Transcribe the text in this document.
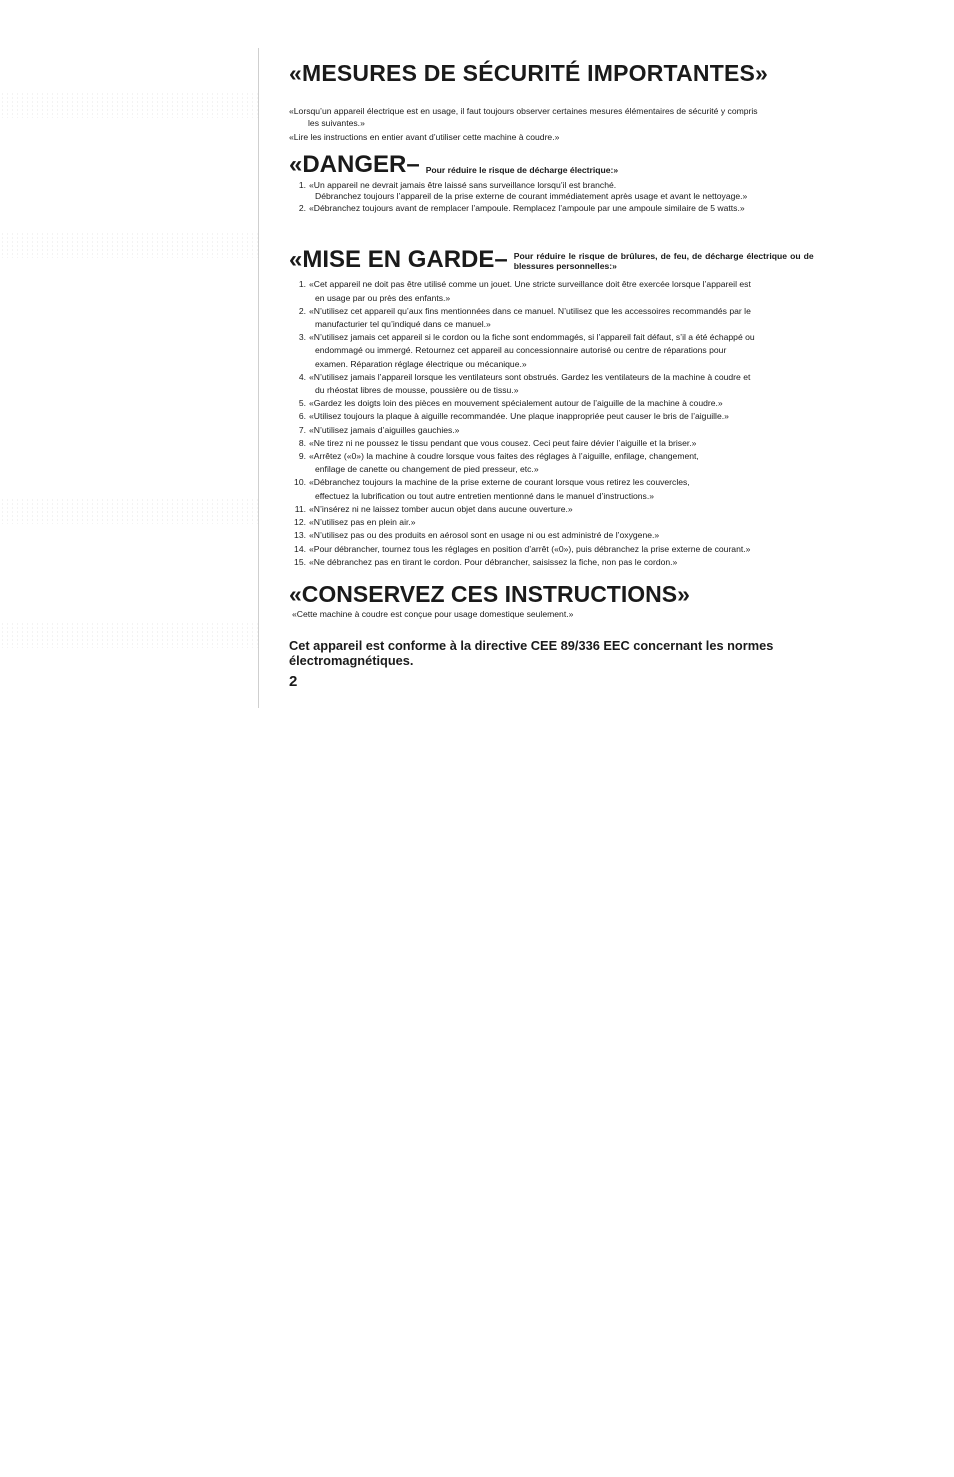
«MESURES DE SÉCURITÉ IMPORTANTES»

«Lorsqu’un appareil électrique est en usage, il faut toujours observer certaines mesures élémentaires de sécurité y compris

les suivantes.»

«Lire les instructions en entier avant d’utiliser cette machine à coudre.»

«DANGER– Pour réduire le risque de décharge électrique:»
1. «Un appareil ne devrait jamais être laissé sans surveillance lorsqu’il est branché.
Débranchez toujours l’appareil de la prise externe de courant immédiatement après usage et avant le nettoyage.»
2. «Débranchez toujours avant de remplacer l’ampoule. Remplacez l’ampoule par une ampoule similaire de 5 watts.»
«MISE EN GARDE– Pour réduire le risque de brûlures, de feu, de décharge électrique ou de blessures personnelles:»
1. «Cet appareil ne doit pas être utilisé comme un jouet. Une stricte surveillance doit être exercée lorsque l’appareil est
en usage par ou près des enfants.»
2. «N’utilisez cet appareil qu’aux fins mentionnées dans ce manuel. N’utilisez que les accessoires recommandés par le
manufacturier tel qu’indiqué dans ce manuel.»
3. «N’utilisez jamais cet appareil si le cordon ou la fiche sont endommagés, si l’appareil fait défaut, s’il a été échappé ou
endommagé ou immergé. Retournez cet appareil au concessionnaire autorisé ou centre de réparations pour
examen. Réparation réglage électrique ou mécanique.»
4. «N’utilisez jamais l’appareil lorsque les ventilateurs sont obstrués. Gardez les ventilateurs de la machine à coudre et
du rhéostat libres de mousse, poussière ou de tissu.»
5. «Gardez les doigts loin des pièces en mouvement spécialement autour de l’aiguille de la machine à coudre.»
6. «Utilisez toujours la plaque à aiguille recommandée. Une plaque inappropriée peut causer le bris de l’aiguille.»
7. «N’utilisez jamais d’aiguilles gauchies.»
8. «Ne tirez ni ne poussez le tissu pendant que vous cousez. Ceci peut faire dévier l’aiguille et la briser.»
9. «Arrêtez («0») la machine à coudre lorsque vous faites des réglages à l’aiguille, enfilage, changement,
enfilage de canette ou changement de pied presseur, etc.»
10. «Débranchez toujours la machine de la prise externe de courant lorsque vous retirez les couvercles,
effectuez la lubrification ou tout autre entretien mentionné dans le manuel d’instructions.»
11. «N’insérez ni ne laissez tomber aucun objet dans aucune ouverture.»
12. «N’utilisez pas en plein air.»
13. «N’utilisez pas ou des produits en aérosol sont en usage ni ou est administré de l’oxygene.»
14. «Pour débrancher, tournez tous les réglages en position d’arrêt («0»), puis débranchez la prise externe de courant.»
15. «Ne débranchez pas en tirant le cordon. Pour débrancher, saisissez la fiche, non pas le cordon.»
«CONSERVEZ CES INSTRUCTIONS»

«Cette machine à coudre est conçue pour usage domestique seulement.»

Cet appareil est conforme à la directive CEE 89/336 EEC concernant les normes électromagnétiques.

2
